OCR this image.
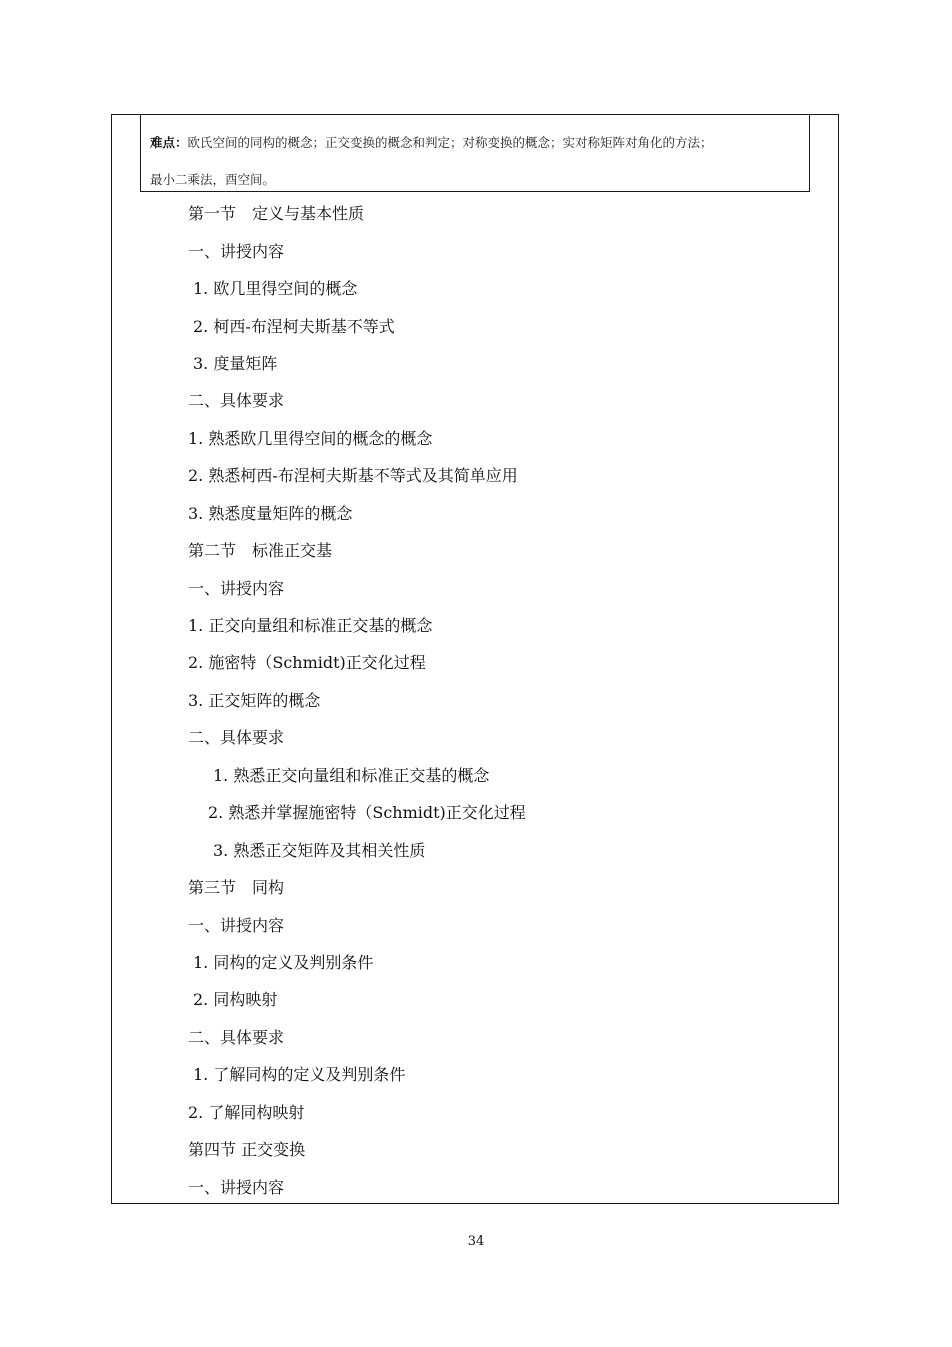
难点：欧氏空间的同构的概念；正交变换的概念和判定；对称变换的概念；实对称矩阵对角化的方法；
最小二乘法，酉空间。
第一节　定义与基本性质
一、讲授内容
1. 欧几里得空间的概念
2. 柯西-布涅柯夫斯基不等式
3. 度量矩阵
二、具体要求
1. 熟悉欧几里得空间的概念的概念
2. 熟悉柯西-布涅柯夫斯基不等式及其简单应用
3. 熟悉度量矩阵的概念
第二节　标准正交基
一、讲授内容
1. 正交向量组和标准正交基的概念
2. 施密特（Schmidt)正交化过程
3. 正交矩阵的概念
二、具体要求
1. 熟悉正交向量组和标准正交基的概念
2. 熟悉并掌握施密特（Schmidt)正交化过程
3. 熟悉正交矩阵及其相关性质
第三节　同构
一、讲授内容
1. 同构的定义及判别条件
2. 同构映射
二、具体要求
1. 了解同构的定义及判别条件
2. 了解同构映射
第四节 正交变换
一、讲授内容
34
